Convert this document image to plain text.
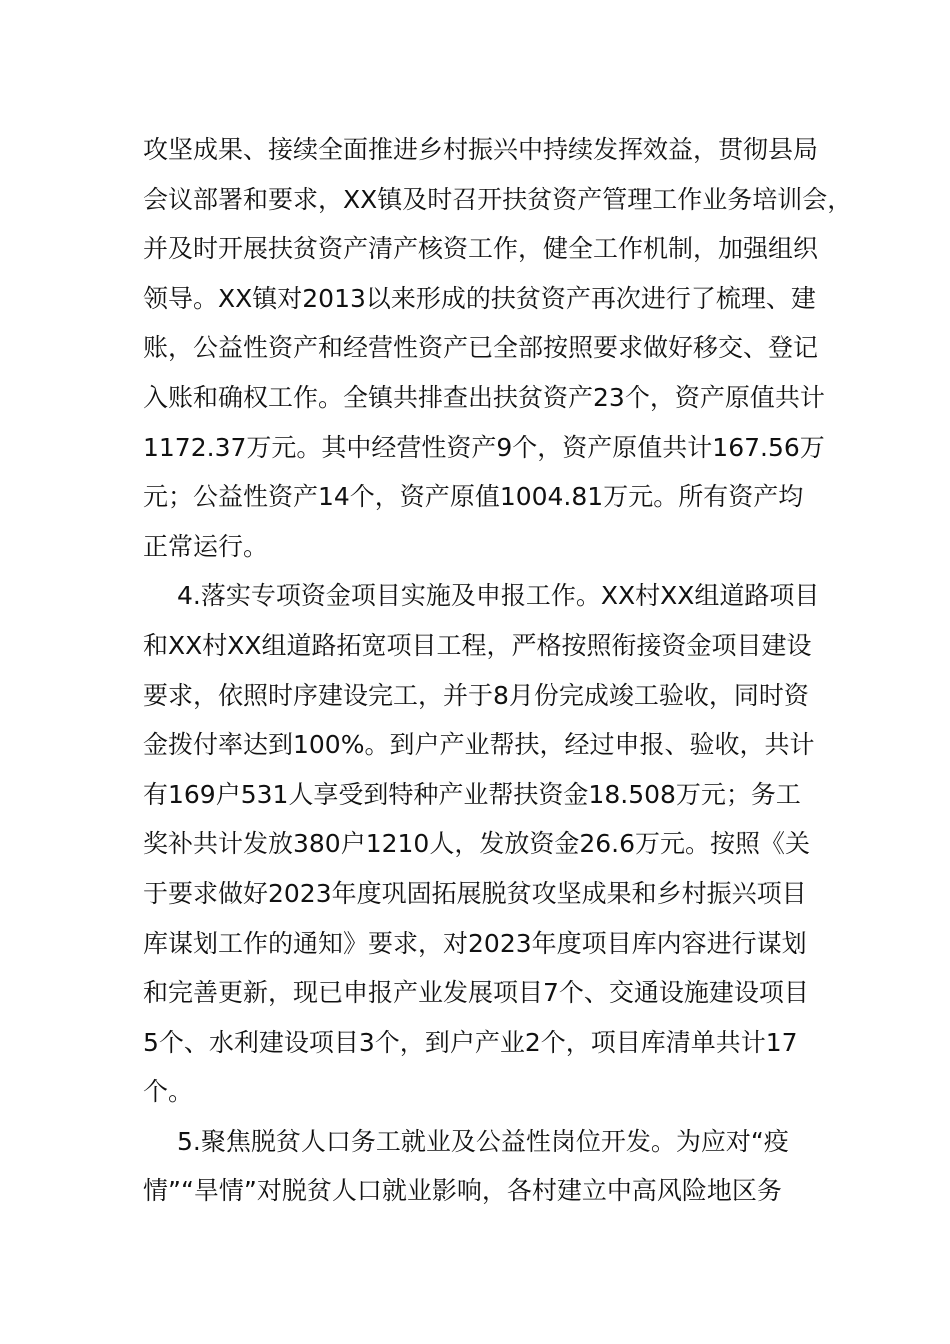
攻坚成果、接续全面推进乡村振兴中持续发挥效益，贯彻县局
会议部署和要求，XX镇及时召开扶贫资产管理工作业务培训会，
并及时开展扶贫资产清产核资工作，健全工作机制，加强组织
领导。XX镇对2013以来形成的扶贫资产再次进行了梳理、建
账，公益性资产和经营性资产已全部按照要求做好移交、登记
入账和确权工作。全镇共排查出扶贫资产23个，资产原值共计
1172.37万元。其中经营性资产9个，资产原值共计167.56万
元；公益性资产14个，资产原值1004.81万元。所有资产均
正常运行。
4.落实专项资金项目实施及申报工作。XX村XX组道路项目
和XX村XX组道路拓宽项目工程，严格按照衔接资金项目建设
要求，依照时序建设完工，并于8月份完成竣工验收，同时资
金拨付率达到100%。到户产业帮扶，经过申报、验收，共计
有169户531人享受到特种产业帮扶资金18.508万元；务工
奖补共计发放380户1210人，发放资金26.6万元。按照《关
于要求做好2023年度巩固拓展脱贫攻坚成果和乡村振兴项目
库谋划工作的通知》要求，对2023年度项目库内容进行谋划
和完善更新，现已申报产业发展项目7个、交通设施建设项目
5个、水利建设项目3个，到户产业2个，项目库清单共计17
个。
5.聚焦脱贫人口务工就业及公益性岗位开发。为应对“疫
情”“旱情”对脱贫人口就业影响，各村建立中高风险地区务
